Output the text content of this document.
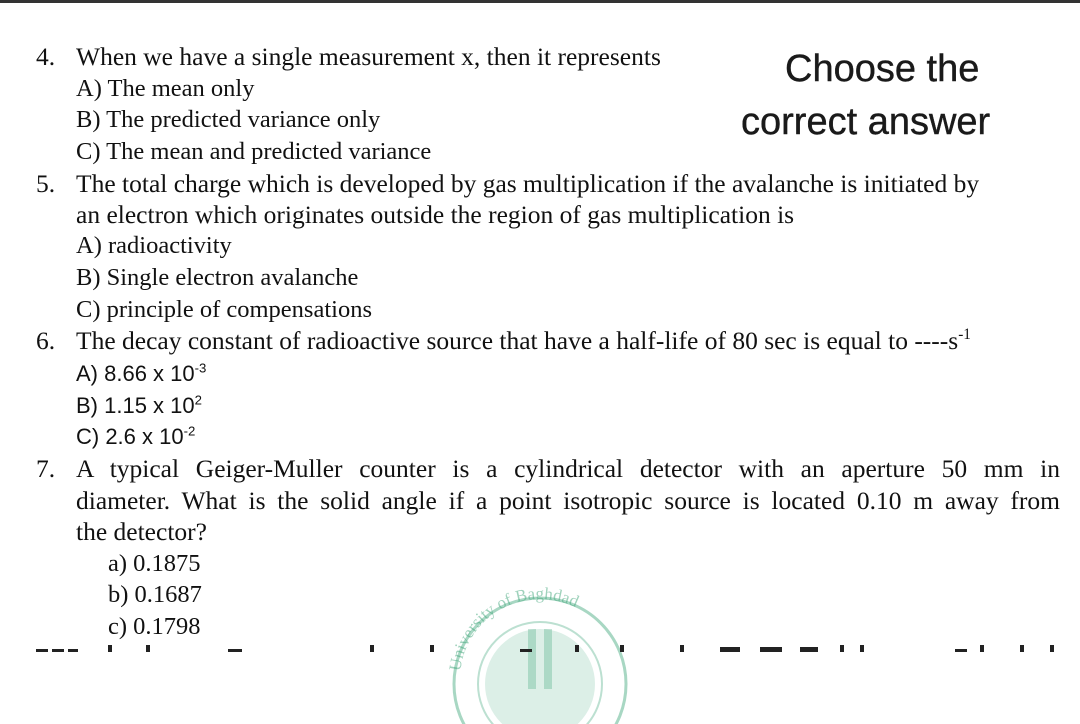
Choose the
correct answer
4. When we have a single measurement x, then it represents
A) The mean only
B) The predicted variance only
C) The mean and predicted variance
5. The total charge which is developed by gas multiplication if the avalanche is initiated by
an electron which originates outside the region of gas multiplication is
A) radioactivity
B) Single electron avalanche
C) principle of compensations
6. The decay constant of radioactive source that have a half-life of 80 sec is equal to $----s^{-1}$
A) 8.66 x $10^{-3}$
B) 1.15 x $10^2$
C) 2.6 x $10^{-2}$
7. A typical Geiger-Muller counter is a cylindrical detector with an aperture 50 mm in
diameter. What is the solid angle if a point isotropic source is located 0.10 m away from
the detector?
a) 0.1875
b) 0.1687
c) 0.1798
University of Baghdad
